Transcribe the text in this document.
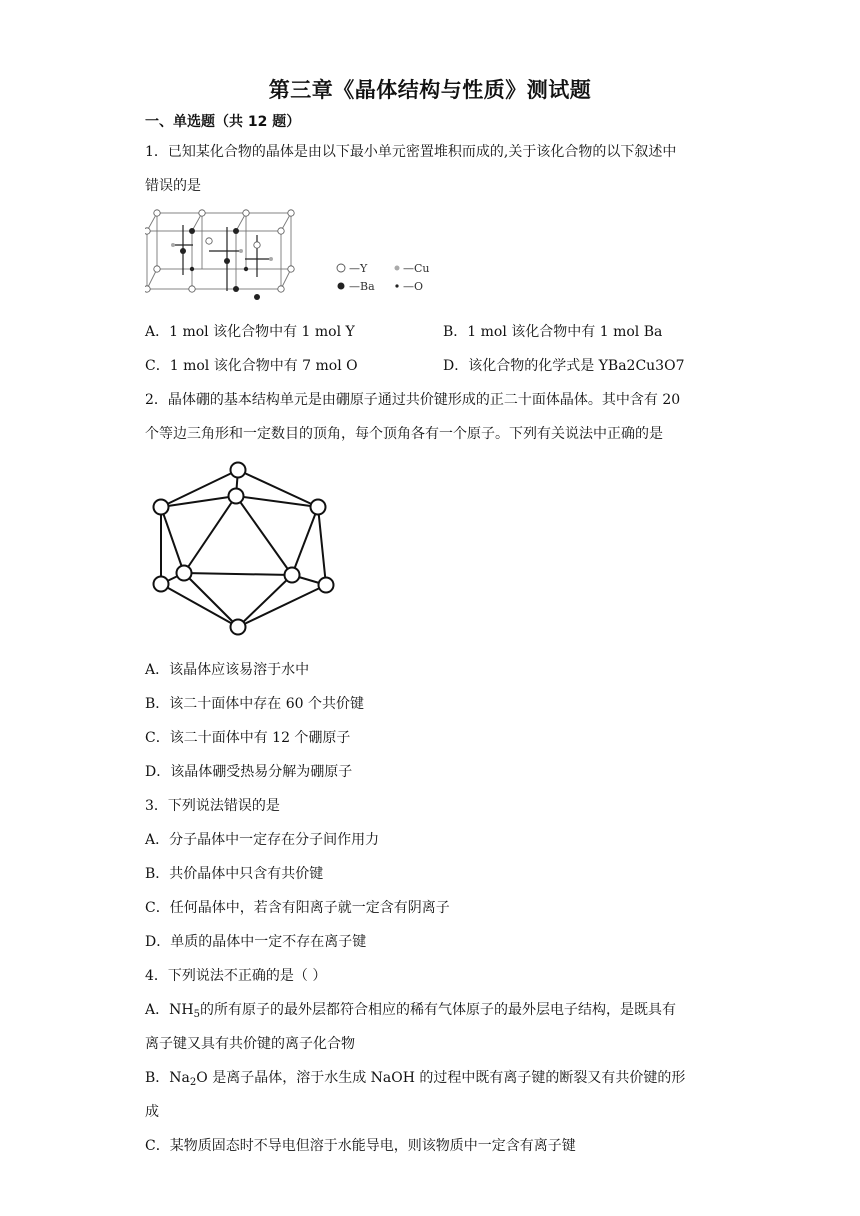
第三章《晶体结构与性质》测试题
一、单选题（共 12 题）
1．已知某化合物的晶体是由以下最小单元密置堆积而成的,关于该化合物的以下叙述中
错误的是
—Y	—Cu
—Ba	—O
A．1 mol 该化合物中有 1 mol Y	B．1 mol 该化合物中有 1 mol Ba
C．1 mol 该化合物中有 7 mol O	D．该化合物的化学式是 YBa2Cu3O7
2．晶体硼的基本结构单元是由硼原子通过共价键形成的正二十面体晶体。其中含有 20
个等边三角形和一定数目的顶角，每个顶角各有一个原子。下列有关说法中正确的是
A．该晶体应该易溶于水中
B．该二十面体中存在 60 个共价键
C．该二十面体中有 12 个硼原子
D．该晶体硼受热易分解为硼原子
3．下列说法错误的是
A．分子晶体中一定存在分子间作用力
B．共价晶体中只含有共价键
C．任何晶体中，若含有阳离子就一定含有阴离子
D．单质的晶体中一定不存在离子键
4．下列说法不正确的是（ ）
A．$NH_5$的所有原子的最外层都符合相应的稀有气体原子的最外层电子结构，是既具有
离子键又具有共价键的离子化合物
B．$Na_2O$ 是离子晶体，溶于水生成 NaOH 的过程中既有离子键的断裂又有共价键的形
成
C．某物质固态时不导电但溶于水能导电，则该物质中一定含有离子键
